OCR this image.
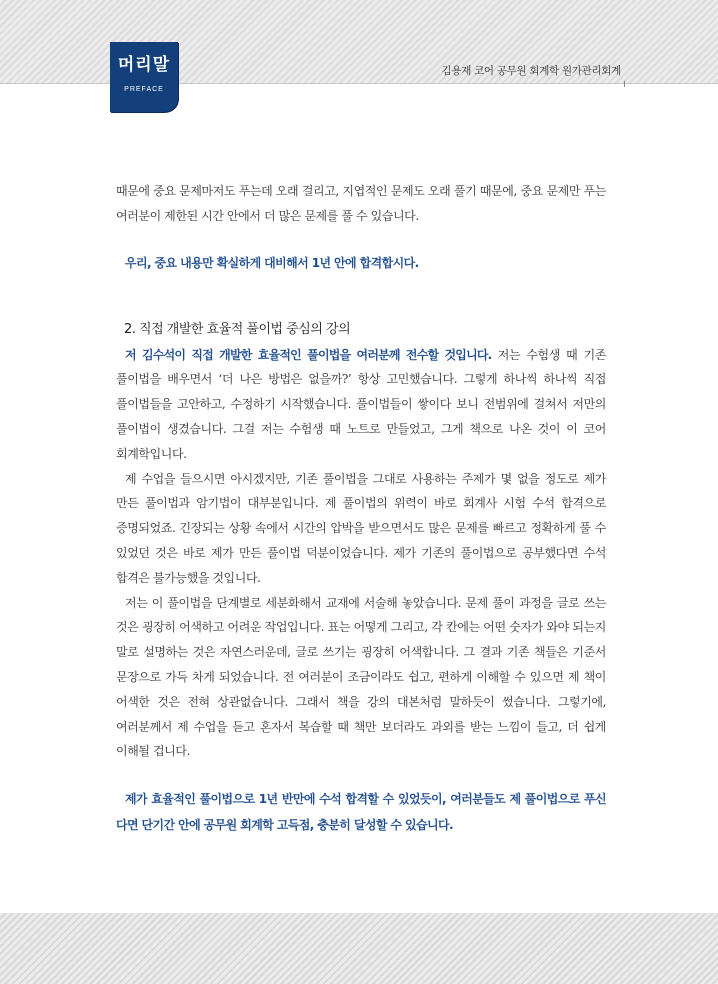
머리말
PREFACE
김용재 코어 공무원 회계학 원가관리회계

때문에 중요 문제마저도 푸는데 오래 걸리고, 지엽적인 문제도 오래 풀기 때문에, 중요 문제만 푸는 여러분이 제한된 시간 안에서 더 많은 문제를 풀 수 있습니다.

우리, 중요 내용만 확실하게 대비해서 1년 안에 합격합시다.

2. 직접 개발한 효율적 풀이법 중심의 강의

저 김수석이 직접 개발한 효율적인 풀이법을 여러분께 전수할 것입니다. 저는 수험생 때 기존 풀이법을 배우면서 ‘더 나은 방법은 없을까?’ 항상 고민했습니다. 그렇게 하나씩 하나씩 직접 풀이법들을 고안하고, 수정하기 시작했습니다. 풀이법들이 쌓이다 보니 전범위에 걸쳐서 저만의 풀이법이 생겼습니다. 그걸 저는 수험생 때 노트로 만들었고, 그게 책으로 나온 것이 이 코어 회계학입니다.

제 수업을 들으시면 아시겠지만, 기존 풀이법을 그대로 사용하는 주제가 몇 없을 정도로 제가 만든 풀이법과 암기법이 대부분입니다. 제 풀이법의 위력이 바로 회계사 시험 수석 합격으로 증명되었죠. 긴장되는 상황 속에서 시간의 압박을 받으면서도 많은 문제를 빠르고 정확하게 풀 수 있었던 것은 바로 제가 만든 풀이법 덕분이었습니다. 제가 기존의 풀이법으로 공부했다면 수석 합격은 불가능했을 것입니다.

저는 이 풀이법을 단계별로 세분화해서 교재에 서술해 놓았습니다. 문제 풀이 과정을 글로 쓰는 것은 굉장히 어색하고 어려운 작업입니다. 표는 어떻게 그리고, 각 칸에는 어떤 숫자가 와야 되는지 말로 설명하는 것은 자연스러운데, 글로 쓰기는 굉장히 어색합니다. 그 결과 기존 책들은 기준서 문장으로 가득 차게 되었습니다. 전 여러분이 조금이라도 쉽고, 편하게 이해할 수 있으면 제 책이 어색한 것은 전혀 상관없습니다. 그래서 책을 강의 대본처럼 말하듯이 썼습니다. 그렇기에, 여러분께서 제 수업을 듣고 혼자서 복습할 때 책만 보더라도 과외를 받는 느낌이 들고, 더 쉽게 이해될 겁니다.

제가 효율적인 풀이법으로 1년 반만에 수석 합격할 수 있었듯이, 여러분들도 제 풀이법으로 푸신다면 단기간 안에 공무원 회계학 고득점, 충분히 달성할 수 있습니다.
